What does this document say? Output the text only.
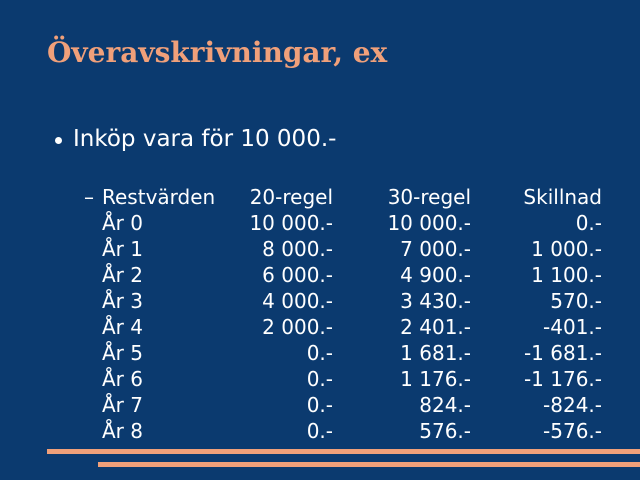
Överavskrivningar, ex
Inköp vara för 10 000.-
– Restvärden	20-regel	30-regel	Skillnad
År 0	10 000.-	10 000.-	0.-
År 1	8 000.-	7 000.-	1 000.-
År 2	6 000.-	4 900.-	1 100.-
År 3	4 000.-	3 430.-	570.-
År 4	2 000.-	2 401.-	-401.-
År 5	0.-	1 681.-	-1 681.-
År 6	0.-	1 176.-	-1 176.-
År 7	0.-	824.-	-824.-
År 8	0.-	576.-	-576.-
